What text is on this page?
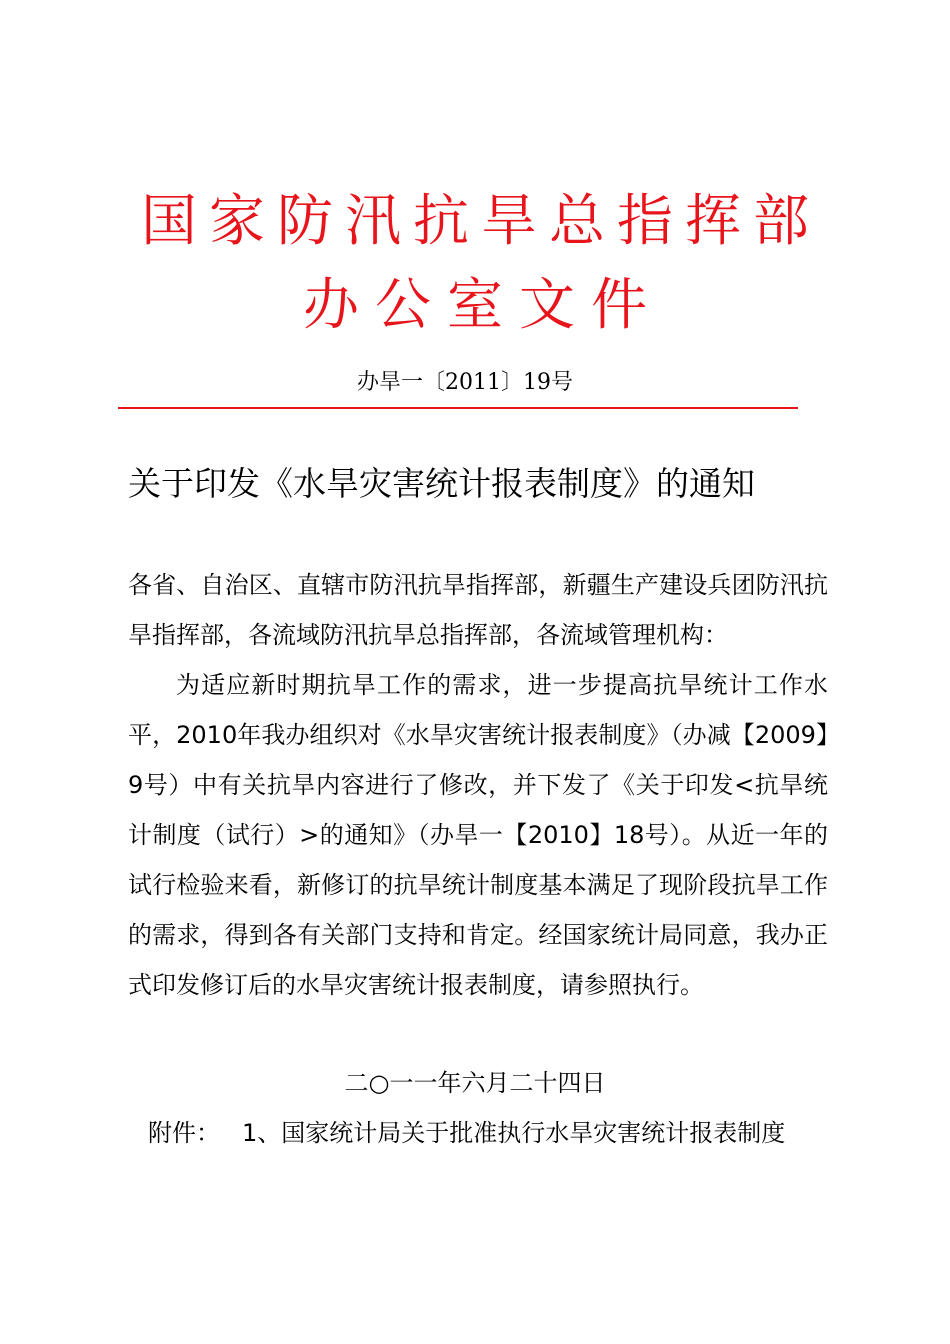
国家防汛抗旱总指挥部
办公室文件
办旱一〔2011〕19号
关于印发《水旱灾害统计报表制度》的通知

各省、自治区、直辖市防汛抗旱指挥部，新疆生产建设兵团防汛抗旱指挥部，各流域防汛抗旱总指挥部，各流域管理机构：

为适应新时期抗旱工作的需求，进一步提高抗旱统计工作水平，2010年我办组织对《水旱灾害统计报表制度》（办减【2009】9号）中有关抗旱内容进行了修改，并下发了《关于印发<抗旱统计制度（试行）>的通知》（办旱一【2010】18号）。从近一年的试行检验来看，新修订的抗旱统计制度基本满足了现阶段抗旱工作的需求，得到各有关部门支持和肯定。经国家统计局同意，我办正式印发修订后的水旱灾害统计报表制度，请参照执行。

二○一一年六月二十四日
附件： 1、国家统计局关于批准执行水旱灾害统计报表制度
